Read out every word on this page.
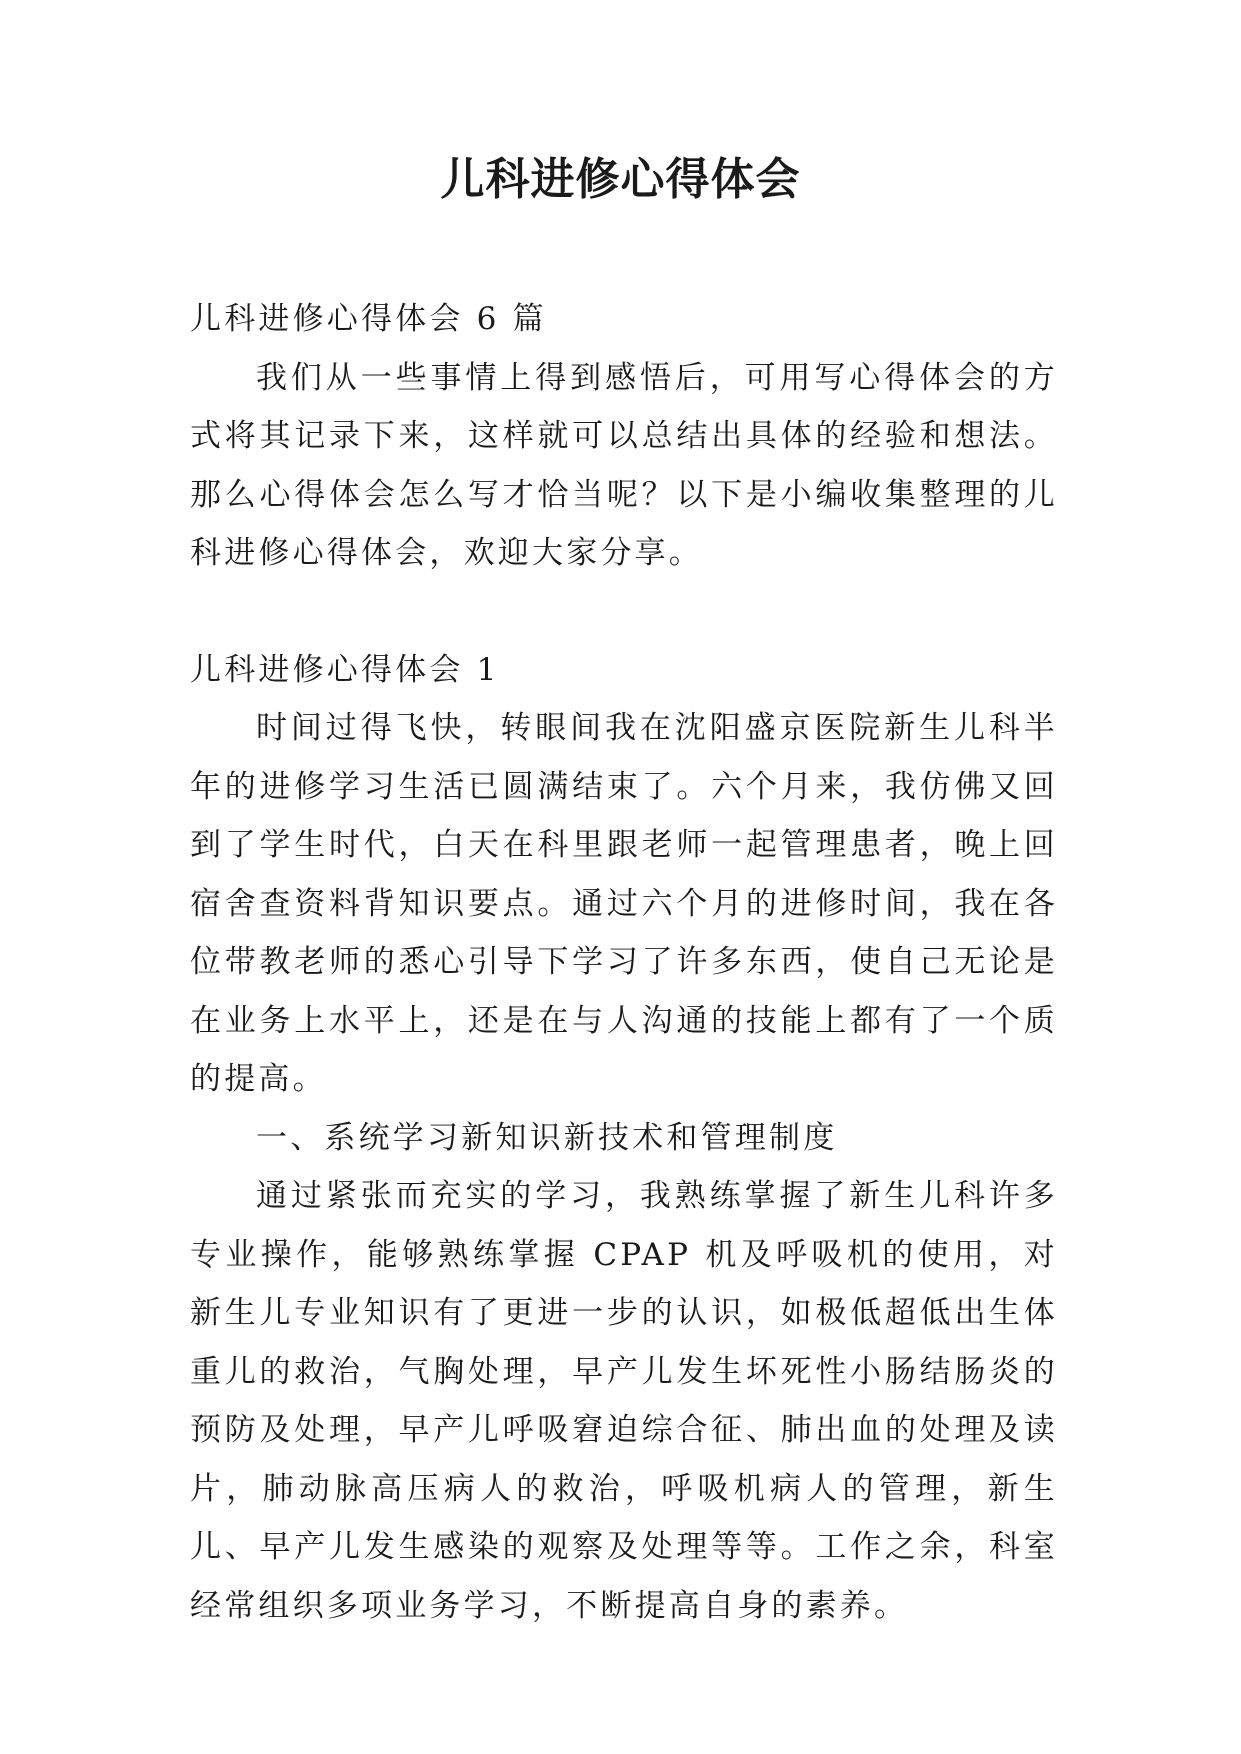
儿科进修心得体会

儿科进修心得体会 6 篇

我们从一些事情上得到感悟后，可用写心得体会的方式将其记录下来，这样就可以总结出具体的经验和想法。那么心得体会怎么写才恰当呢？以下是小编收集整理的儿科进修心得体会，欢迎大家分享。

儿科进修心得体会 1

时间过得飞快，转眼间我在沈阳盛京医院新生儿科半年的进修学习生活已圆满结束了。六个月来，我仿佛又回到了学生时代，白天在科里跟老师一起管理患者，晚上回宿舍查资料背知识要点。通过六个月的进修时间，我在各位带教老师的悉心引导下学习了许多东西，使自己无论是在业务上水平上，还是在与人沟通的技能上都有了一个质的提高。

一、系统学习新知识新技术和管理制度

通过紧张而充实的学习，我熟练掌握了新生儿科许多专业操作，能够熟练掌握 CPAP 机及呼吸机的使用，对新生儿专业知识有了更进一步的认识，如极低超低出生体重儿的救治，气胸处理，早产儿发生坏死性小肠结肠炎的预防及处理，早产儿呼吸窘迫综合征、肺出血的处理及读片，肺动脉高压病人的救治，呼吸机病人的管理，新生儿、早产儿发生感染的观察及处理等等。工作之余，科室经常组织多项业务学习，不断提高自身的素养。
